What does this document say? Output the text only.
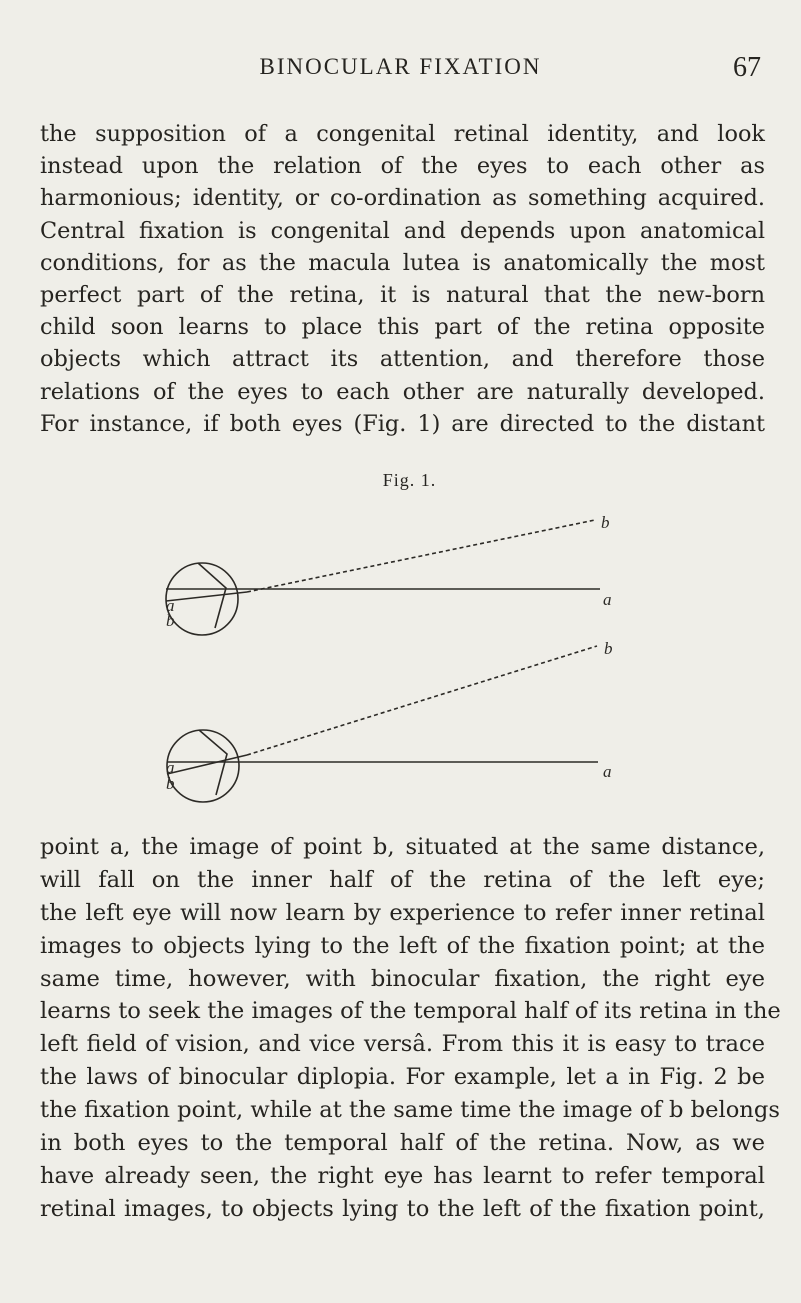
BINOCULAR FIXATION	67
the supposition of a congenital retinal identity, and look
instead upon the relation of the eyes to each other as
harmonious; identity, or co-ordination as something acquired.
Central fixation is congenital and depends upon anatomical
conditions, for as the macula lutea is anatomically the most
perfect part of the retina, it is natural that the new-born
child soon learns to place this part of the retina opposite
objects which attract its attention, and therefore those
relations of the eyes to each other are naturally developed.
For instance, if both eyes (Fig. 1) are directed to the distant
Fig. 1.
a
b
b
a
b
a
b
a
point a, the image of point b, situated at the same distance,
will fall on the inner half of the retina of the left eye;
the left eye will now learn by experience to refer inner retinal
images to objects lying to the left of the fixation point; at the
same time, however, with binocular fixation, the right eye
learns to seek the images of the temporal half of its retina in the
left field of vision, and vice versâ. From this it is easy to trace
the laws of binocular diplopia. For example, let a in Fig. 2 be
the fixation point, while at the same time the image of b belongs
in both eyes to the temporal half of the retina. Now, as we
have already seen, the right eye has learnt to refer temporal
retinal images, to objects lying to the left of the fixation point,
